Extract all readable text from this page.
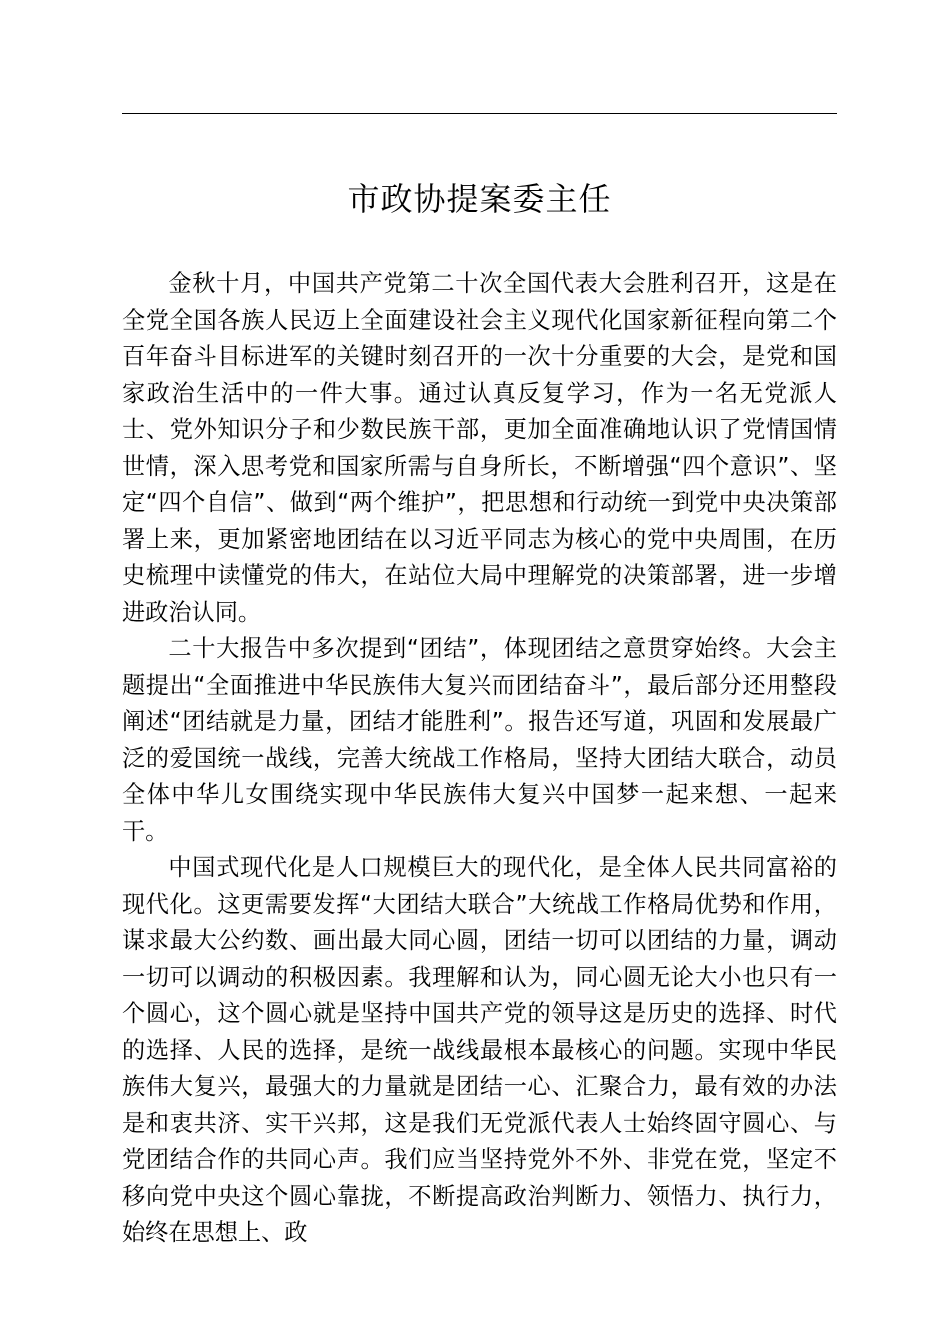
市政协提案委主任

金秋十月，中国共产党第二十次全国代表大会胜利召开，这是在全党全国各族人民迈上全面建设社会主义现代化国家新征程向第二个百年奋斗目标进军的关键时刻召开的一次十分重要的大会，是党和国家政治生活中的一件大事。通过认真反复学习，作为一名无党派人士、党外知识分子和少数民族干部，更加全面准确地认识了党情国情世情，深入思考党和国家所需与自身所长，不断增强“四个意识”、坚定“四个自信”、做到“两个维护”，把思想和行动统一到党中央决策部署上来，更加紧密地团结在以习近平同志为核心的党中央周围，在历史梳理中读懂党的伟大，在站位大局中理解党的决策部署，进一步增进政治认同。

二十大报告中多次提到“团结”，体现团结之意贯穿始终。大会主题提出“全面推进中华民族伟大复兴而团结奋斗”，最后部分还用整段阐述“团结就是力量，团结才能胜利”。报告还写道，巩固和发展最广泛的爱国统一战线，完善大统战工作格局，坚持大团结大联合，动员全体中华儿女围绕实现中华民族伟大复兴中国梦一起来想、一起来干。

中国式现代化是人口规模巨大的现代化，是全体人民共同富裕的现代化。这更需要发挥“大团结大联合”大统战工作格局优势和作用，谋求最大公约数、画出最大同心圆，团结一切可以团结的力量，调动一切可以调动的积极因素。我理解和认为，同心圆无论大小也只有一个圆心，这个圆心就是坚持中国共产党的领导这是历史的选择、时代的选择、人民的选择，是统一战线最根本最核心的问题。实现中华民族伟大复兴，最强大的力量就是团结一心、汇聚合力，最有效的办法是和衷共济、实干兴邦，这是我们无党派代表人士始终固守圆心、与党团结合作的共同心声。我们应当坚持党外不外、非党在党，坚定不移向党中央这个圆心靠拢，不断提高政治判断力、领悟力、执行力，始终在思想上、政
